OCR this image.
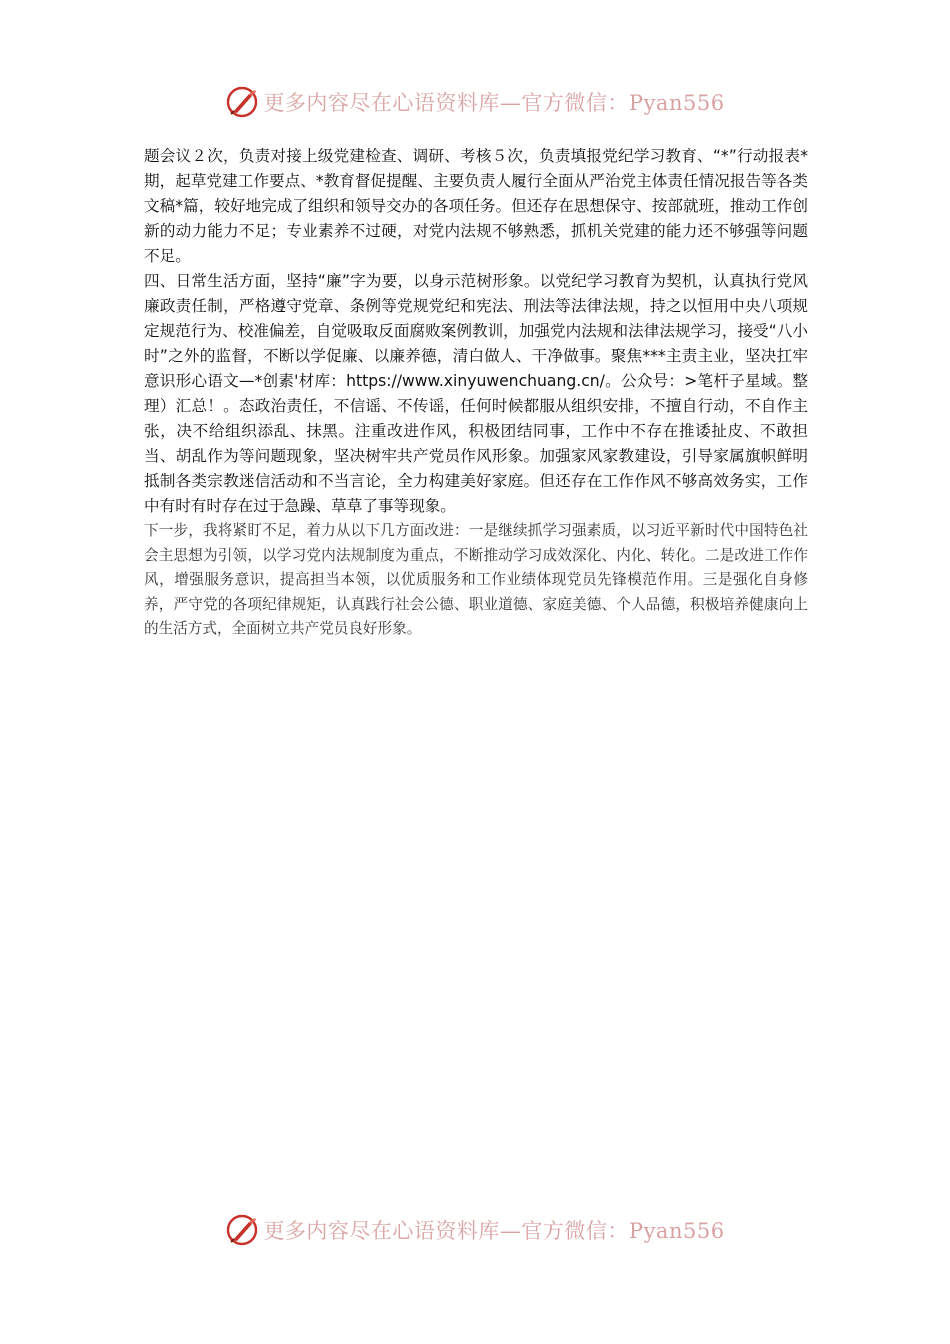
更多内容尽在心语资料库—官方微信：Pyan556

题会议２次，负责对接上级党建检查、调研、考核５次，负责填报党纪学习教育、“*”行动报表*期，起草党建工作要点、*教育督促提醒、主要负责人履行全面从严治党主体责任情况报告等各类文稿*篇，较好地完成了组织和领导交办的各项任务。但还存在思想保守、按部就班，推动工作创新的动力能力不足；专业素养不过硬，对党内法规不够熟悉，抓机关党建的能力还不够强等问题不足。

四、日常生活方面，坚持“廉”字为要，以身示范树形象。以党纪学习教育为契机，认真执行党风廉政责任制，严格遵守党章、条例等党规党纪和宪法、刑法等法律法规，持之以恒用中央八项规定规范行为、校准偏差，自觉吸取反面腐败案例教训，加强党内法规和法律法规学习，接受“八小时”之外的监督，不断以学促廉、以廉养德，清白做人、干净做事。聚焦***主责主业，坚决扛牢意识形心语文—*创素'材库：https://www.xinyuwenchuang.cn/。公众号：>笔杆子星域。整理）汇总！。态政治责任，不信谣、不传谣，任何时候都服从组织安排，不擅自行动，不自作主张，决不给组织添乱、抹黑。注重改进作风，积极团结同事，工作中不存在推诿扯皮、不敢担当、胡乱作为等问题现象，坚决树牢共产党员作风形象。加强家风家教建设，引导家属旗帜鲜明抵制各类宗教迷信活动和不当言论，全力构建美好家庭。但还存在工作作风不够高效务实，工作中有时有时存在过于急躁、草草了事等现象。

下一步，我将紧盯不足，着力从以下几方面改进：一是继续抓学习强素质，以习近平新时代中国特色社会主思想为引领，以学习党内法规制度为重点，不断推动学习成效深化、内化、转化。二是改进工作作风，增强服务意识，提高担当本领，以优质服务和工作业绩体现党员先锋模范作用。三是强化自身修养，严守党的各项纪律规矩，认真践行社会公德、职业道德、家庭美德、个人品德，积极培养健康向上的生活方式，全面树立共产党员良好形象。

更多内容尽在心语资料库—官方微信：Pyan556
